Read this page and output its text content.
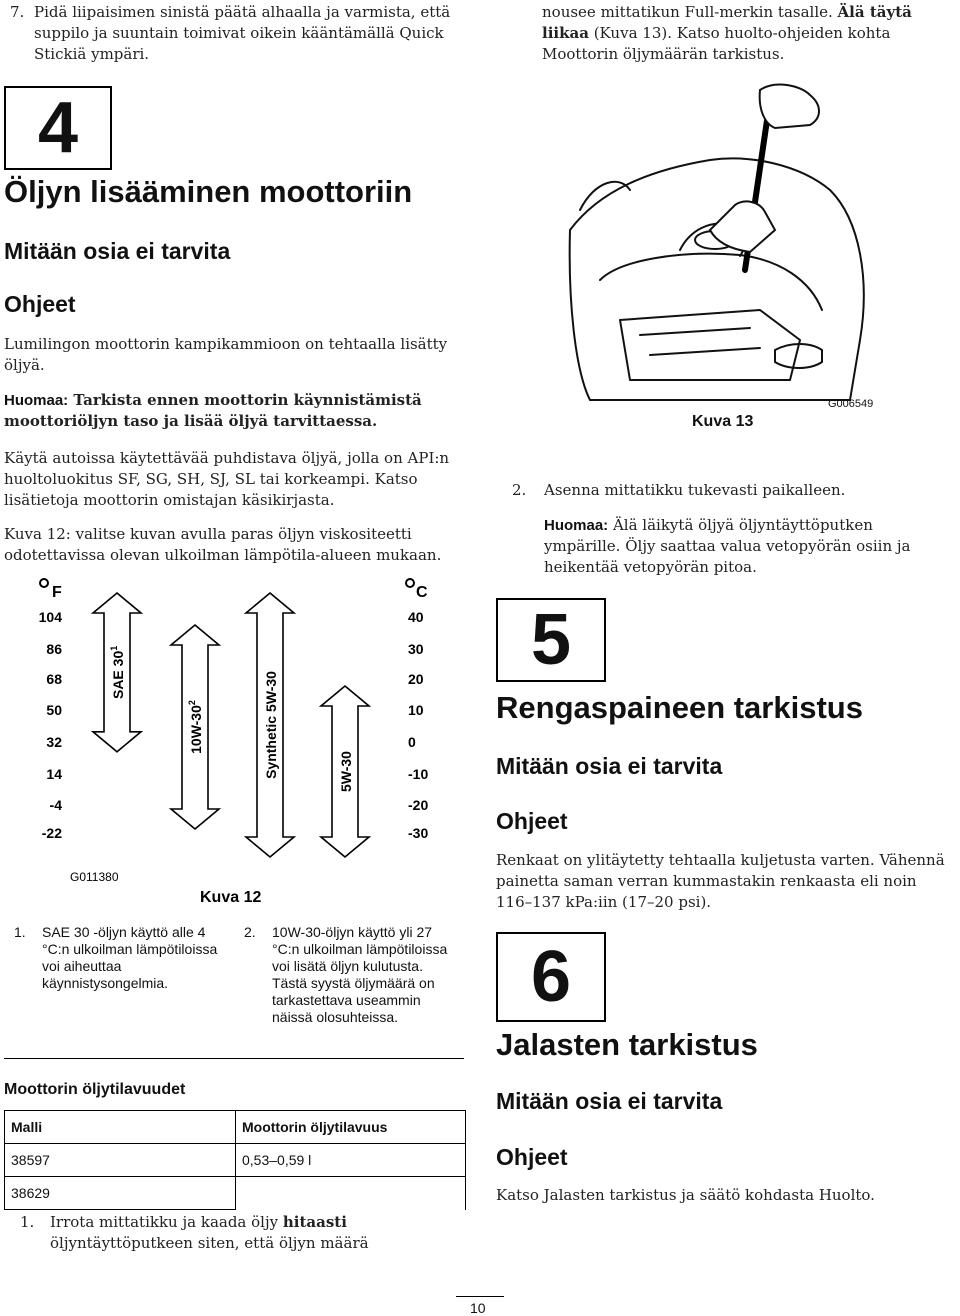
7. Pidä liipaisimen sinistä päätä alhaalla ja varmista, että suppilo ja suuntain toimivat oikein kääntämällä Quick Stickiä ympäri.
nousee mittatikun Full-merkin tasalle. Älä täytä liikaa (Kuva 13). Katso huolto-ohjeiden kohta Moottorin öljymäärän tarkistus.
4
Öljyn lisääminen moottoriin
Mitään osia ei tarvita
Ohjeet
Lumilingon moottorin kampikammioon on tehtaalla lisätty öljyä.
Huomaa: Tarkista ennen moottorin käynnistämistä moottoriöljyn taso ja lisää öljyä tarvittaessa.
Käytä autoissa käytettävää puhdistava öljyä, jolla on API:n huoltoluokitus SF, SG, SH, SJ, SL tai korkeampi. Katso lisätietoja moottorin omistajan käsikirjasta.
Kuva 12: valitse kuvan avulla paras öljyn viskositeetti odotettavissa olevan ulkoilman lämpötila-alueen mukaan.
F	C
104
86
68
50
32
14
-4
-22
40
30
20
10
0
-10
-20
-30
SAE $30^1$
$10W-30^2$	Synthetic 5W-30	5W-30
G011380
Kuva 12
1.	SAE 30 -öljyn käyttö alle 4 °C:n ulkoilman lämpötiloissa voi aiheuttaa käynnistysongelmia.
2.	10W-30-öljyn käyttö yli 27 °C:n ulkoilman lämpötiloissa voi lisätä öljyn kulutusta. Tästä syystä öljymäärä on tarkastettava useammin näissä olosuhteissa.
Moottorin öljytilavuudet
Malli	Moottorin öljytilavuus
38597	0,53–0,59 l
38629	
1.	Irrota mittatikku ja kaada öljy hitaasti öljyntäyttöputkeen siten, että öljyn määrä
Kuva 13
G006549
2.	Asenna mittatikku tukevasti paikalleen.
Huomaa: Älä läikytä öljyä öljyntäyttöputken ympärille. Öljy saattaa valua vetopyörän osiin ja heikentää vetopyörän pitoa.
5
Rengaspaineen tarkistus
Mitään osia ei tarvita
Ohjeet
Renkaat on ylitäytetty tehtaalla kuljetusta varten. Vähennä painetta saman verran kummastakin renkaasta eli noin 116–137 kPa:iin (17–20 psi).
6
Jalasten tarkistus
Mitään osia ei tarvita
Ohjeet
Katso Jalasten tarkistus ja säätö kohdasta Huolto.
10
